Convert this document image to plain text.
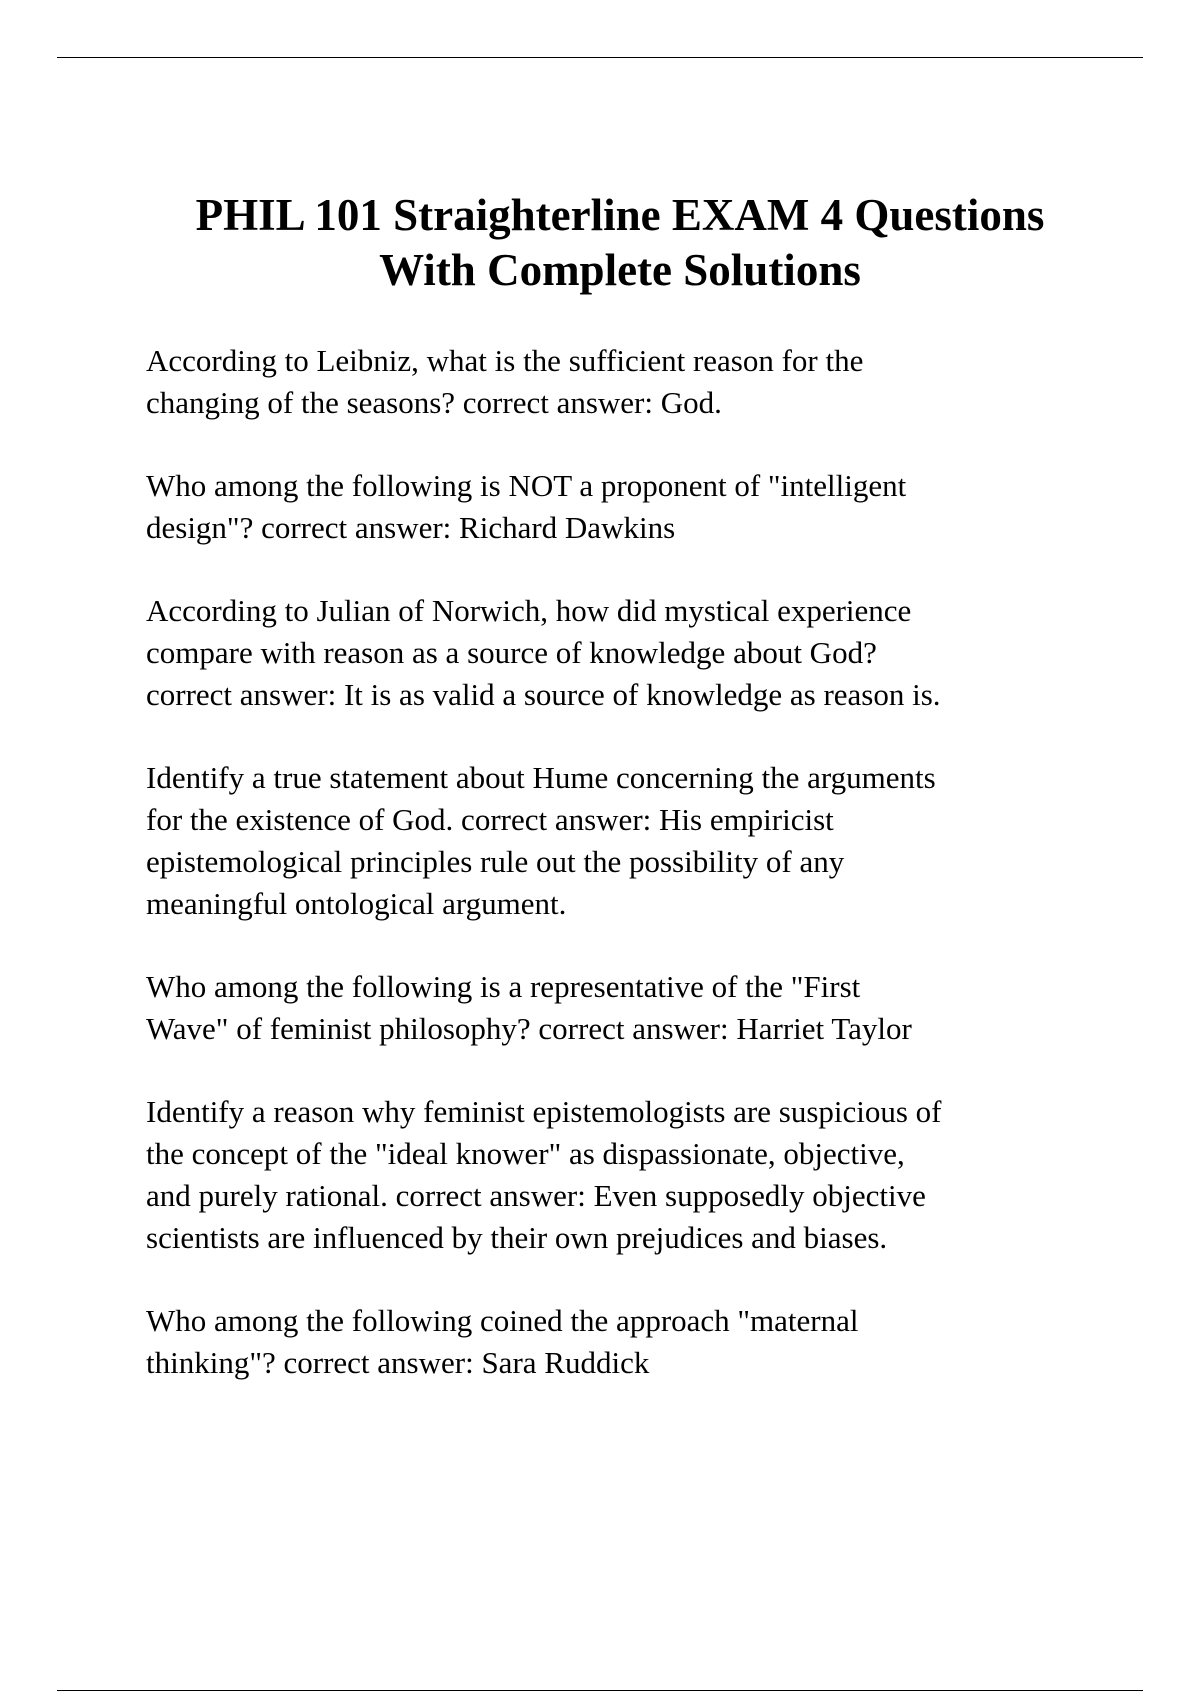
PHIL 101 Straighterline EXAM 4 Questions
With Complete Solutions

According to Leibniz, what is the sufficient reason for the
changing of the seasons? correct answer: God.

Who among the following is NOT a proponent of "intelligent
design"? correct answer: Richard Dawkins

According to Julian of Norwich, how did mystical experience
compare with reason as a source of knowledge about God?
correct answer: It is as valid a source of knowledge as reason is.

Identify a true statement about Hume concerning the arguments
for the existence of God. correct answer: His empiricist
epistemological principles rule out the possibility of any
meaningful ontological argument.

Who among the following is a representative of the "First
Wave" of feminist philosophy? correct answer: Harriet Taylor

Identify a reason why feminist epistemologists are suspicious of
the concept of the "ideal knower" as dispassionate, objective,
and purely rational. correct answer: Even supposedly objective
scientists are influenced by their own prejudices and biases.

Who among the following coined the approach "maternal
thinking"? correct answer: Sara Ruddick
